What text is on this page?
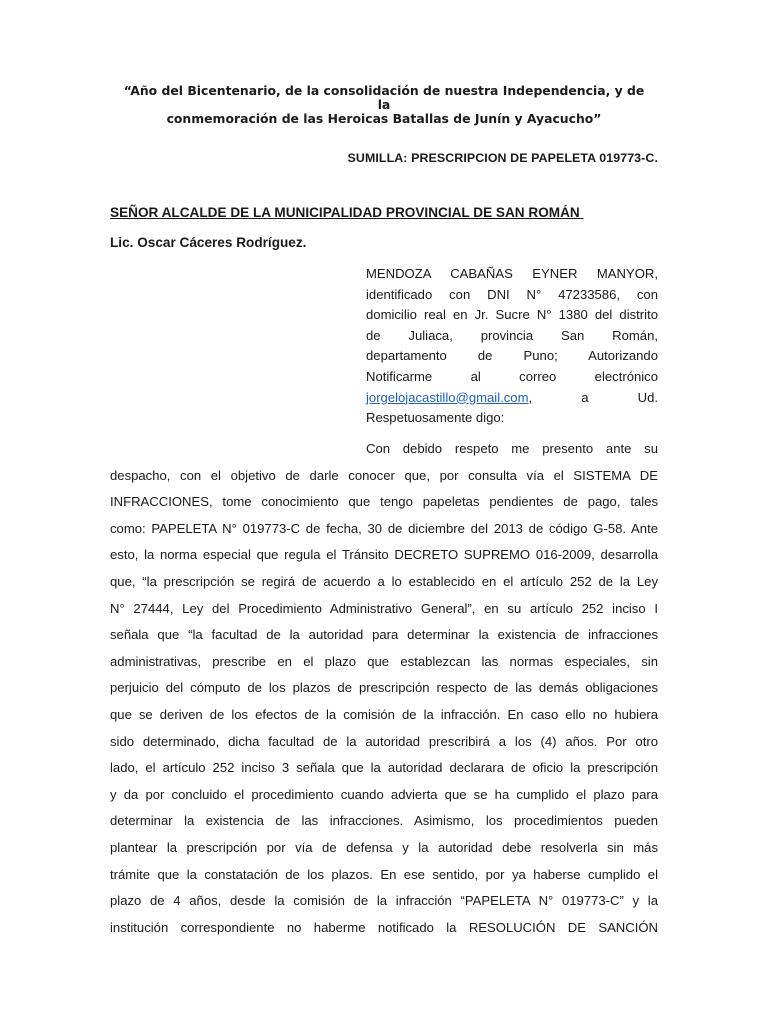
“Año del Bicentenario, de la consolidación de nuestra Independencia, y de la
conmemoración de las Heroicas Batallas de Junín y Ayacucho”
SUMILLA: PRESCRIPCION DE PAPELETA 019773-C.
SEÑOR ALCALDE DE LA MUNICIPALIDAD PROVINCIAL DE SAN ROMÁN
Lic. Oscar Cáceres Rodríguez.
MENDOZA CABAÑAS EYNER MANYOR,
identificado con DNI N° 47233586, con
domicilio real en Jr. Sucre N° 1380 del distrito
de Juliaca, provincia San Román,
departamento de Puno; Autorizando
Notificarme al correo electrónico
jorgelojacastillo@gmail.com, a Ud.
Respetuosamente digo:
Con debido respeto me presento ante su
despacho, con el objetivo de darle conocer que, por consulta vía el SISTEMA DE
INFRACCIONES, tome conocimiento que tengo papeletas pendientes de pago, tales
como: PAPELETA N° 019773-C de fecha, 30 de diciembre del 2013 de código G-58. Ante
esto, la norma especial que regula el Tránsito DECRETO SUPREMO 016-2009, desarrolla
que, “la prescripción se regirá de acuerdo a lo establecido en el artículo 252 de la Ley
N° 27444, Ley del Procedimiento Administrativo General”, en su artículo 252 inciso I
señala que “la facultad de la autoridad para determinar la existencia de infracciones
administrativas, prescribe en el plazo que establezcan las normas especiales, sin
perjuicio del cómputo de los plazos de prescripción respecto de las demás obligaciones
que se deriven de los efectos de la comisión de la infracción. En caso ello no hubiera
sido determinado, dicha facultad de la autoridad prescribirá a los (4) años. Por otro
lado, el artículo 252 inciso 3 señala que la autoridad declarara de oficio la prescripción
y da por concluido el procedimiento cuando advierta que se ha cumplido el plazo para
determinar la existencia de las infracciones. Asimismo, los procedimientos pueden
plantear la prescripción por vía de defensa y la autoridad debe resolverla sin más
trámite que la constatación de los plazos. En ese sentido, por ya haberse cumplido el
plazo de 4 años, desde la comisión de la infracción “PAPELETA N° 019773-C” y la
institución correspondiente no haberme notificado la RESOLUCIÓN DE SANCIÓN
